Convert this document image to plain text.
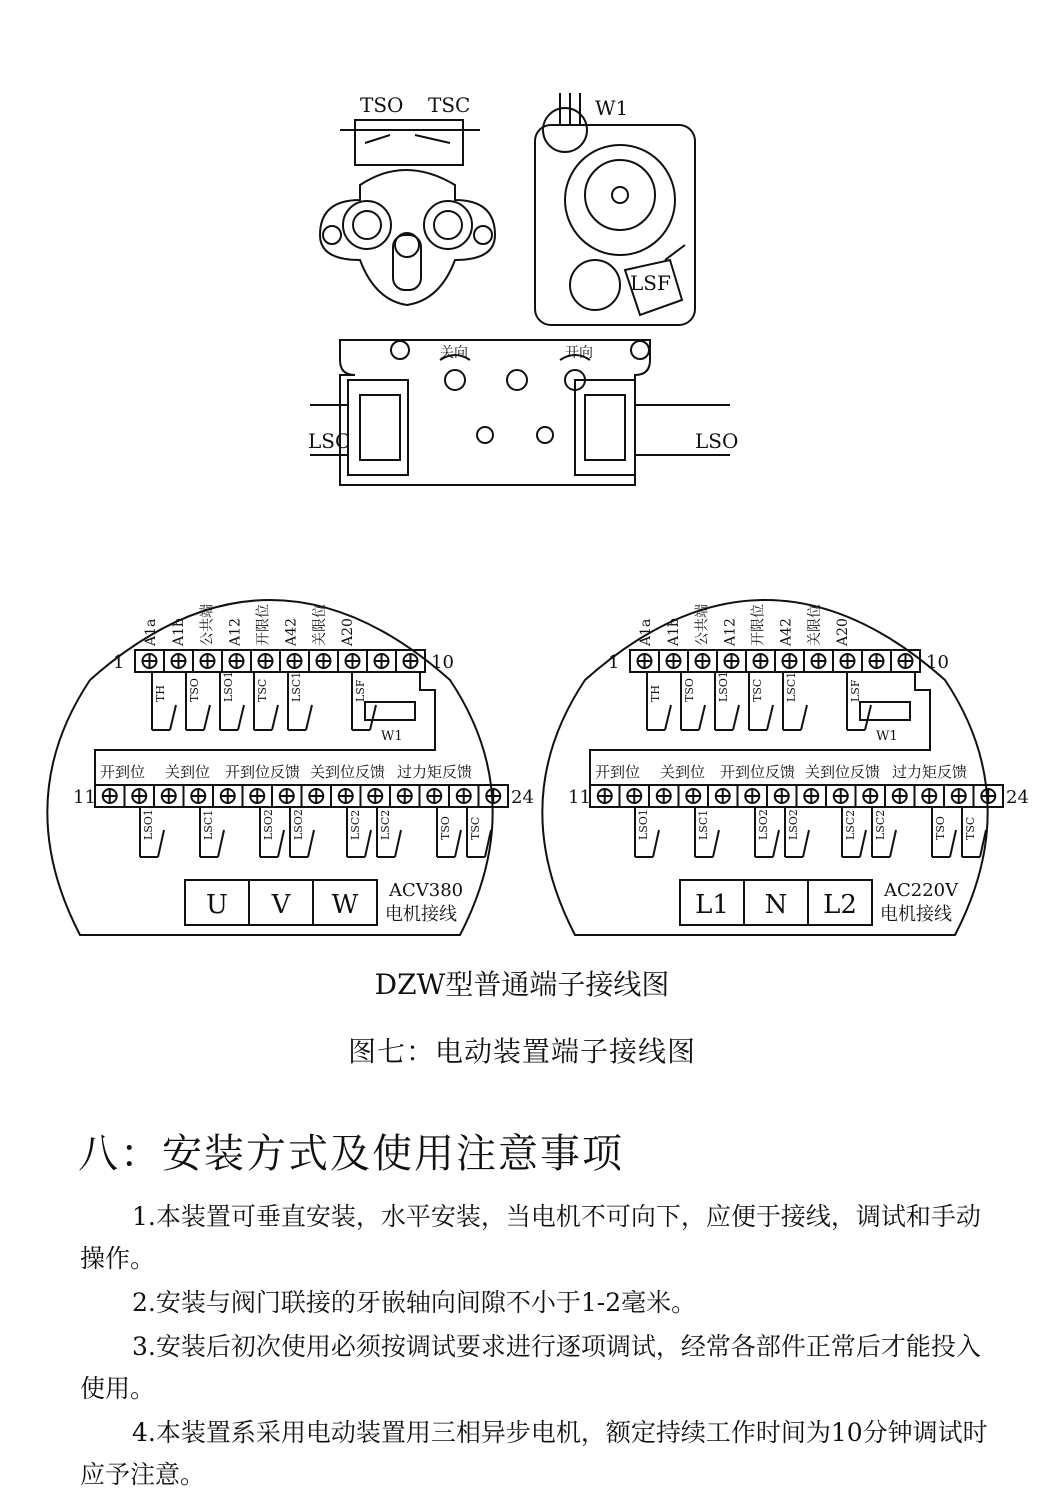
TSO TSC	W1
LSF
LSC	LSO
关向	开向
1	10
A1a A1b 公共端 A12 开限位 A42 关限位 A20
TH TSO LSO1 TSC LSC1	LSF
W1
开到位 关到位 开到位反馈 关到位反馈 过力矩反馈
11	24
LSO1	LSC1	LSO2 LSO2	LSC2 LSC2	TSO TSC
U V W ACV380
电机接线
1	10
A1a A1b 公共端 A12 开限位 A42 关限位 A20
TH TSO LSO1 TSC LSC1	LSF
W1
开到位 关到位 开到位反馈 关到位反馈 过力矩反馈
11	24
LSO1	LSC1	LSO2 LSO2	LSC2 LSC2	TSO TSC
L1 N L2 AC220V
电机接线
DZW型普通端子接线图
图七：电动装置端子接线图
八：安装方式及使用注意事项
1.本装置可垂直安装，水平安装，当电机不可向下，应便于接线，调试和手动操作。
2.安装与阀门联接的牙嵌轴向间隙不小于1-2毫米。
3.安装后初次使用必须按调试要求进行逐项调试，经常各部件正常后才能投入使用。
4.本装置系采用电动装置用三相异步电机，额定持续工作时间为10分钟调试时应予注意。
